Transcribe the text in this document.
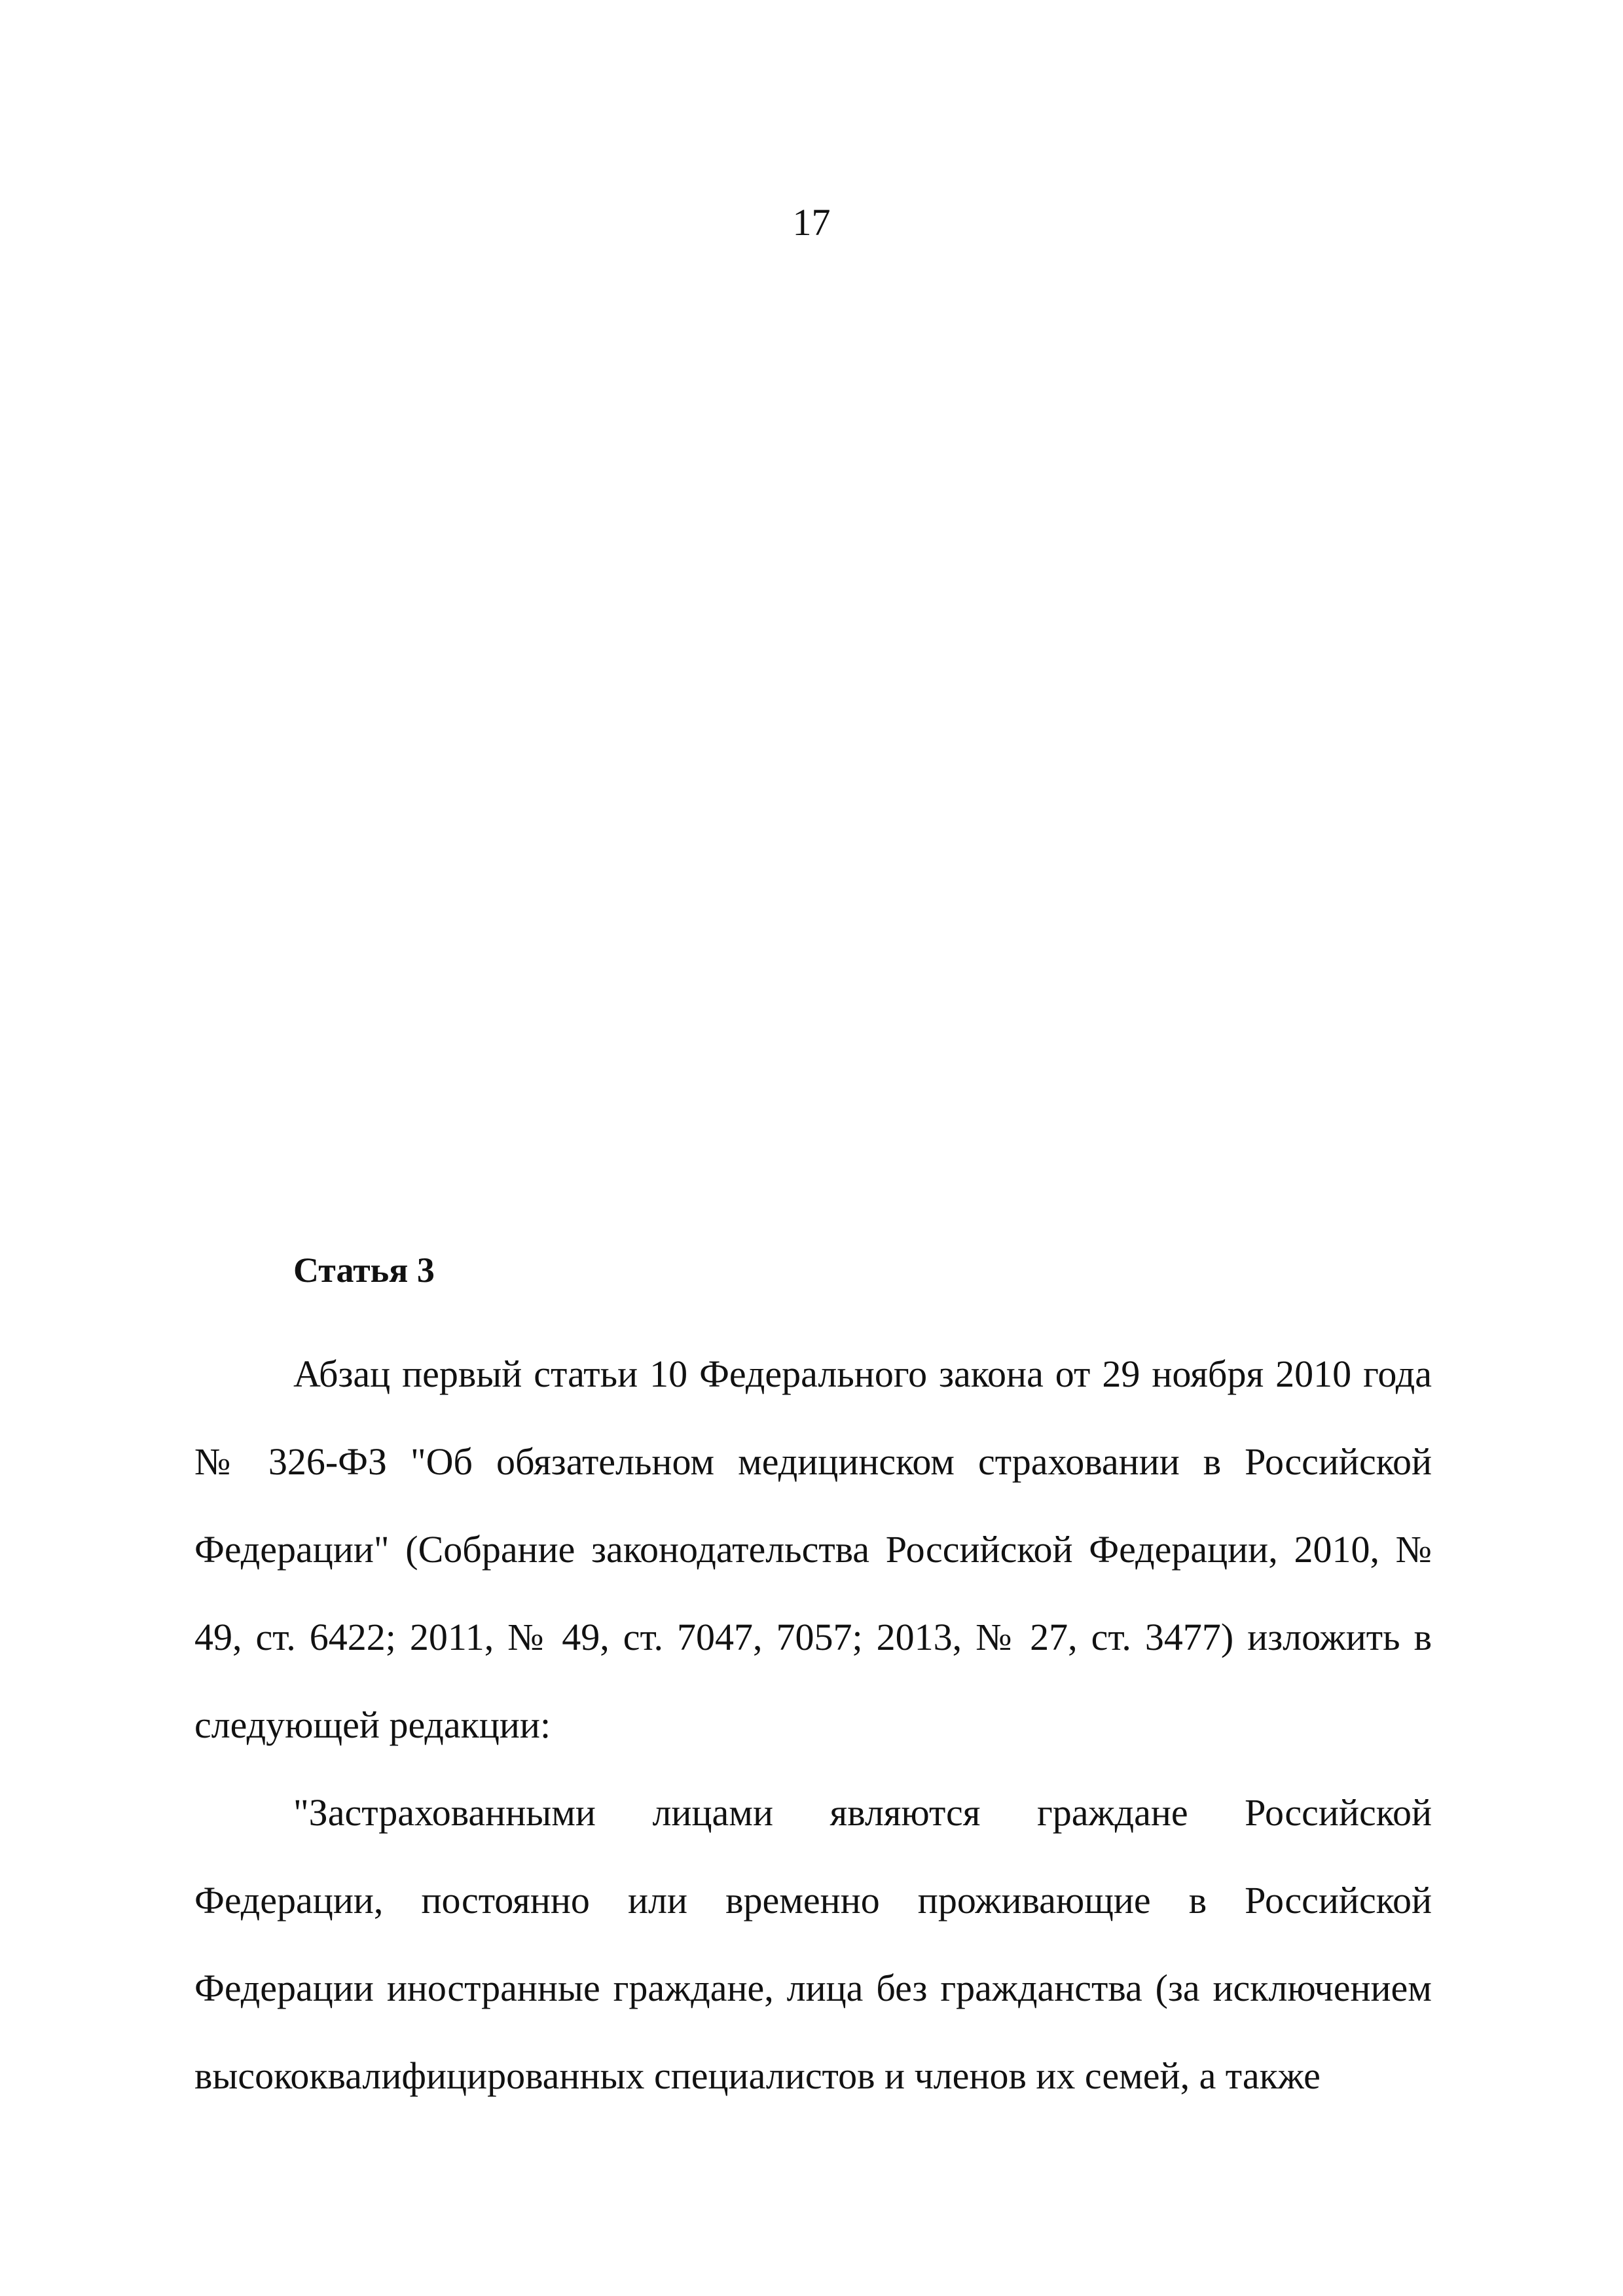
17
Статья 3

Абзац первый статьи 10 Федерального закона от 29 ноября 2010 года № 326-ФЗ "Об обязательном медицинском страховании в Российской Федерации" (Собрание законодательства Российской Федерации, 2010, № 49, ст. 6422; 2011, № 49, ст. 7047, 7057; 2013, № 27, ст. 3477) изложить в следующей редакции:

"Застрахованными лицами являются граждане Российской Федерации, постоянно или временно проживающие в Российской Федерации иностранные граждане, лица без гражданства (за исключением высококвалифицированных специалистов и членов их семей, а также
